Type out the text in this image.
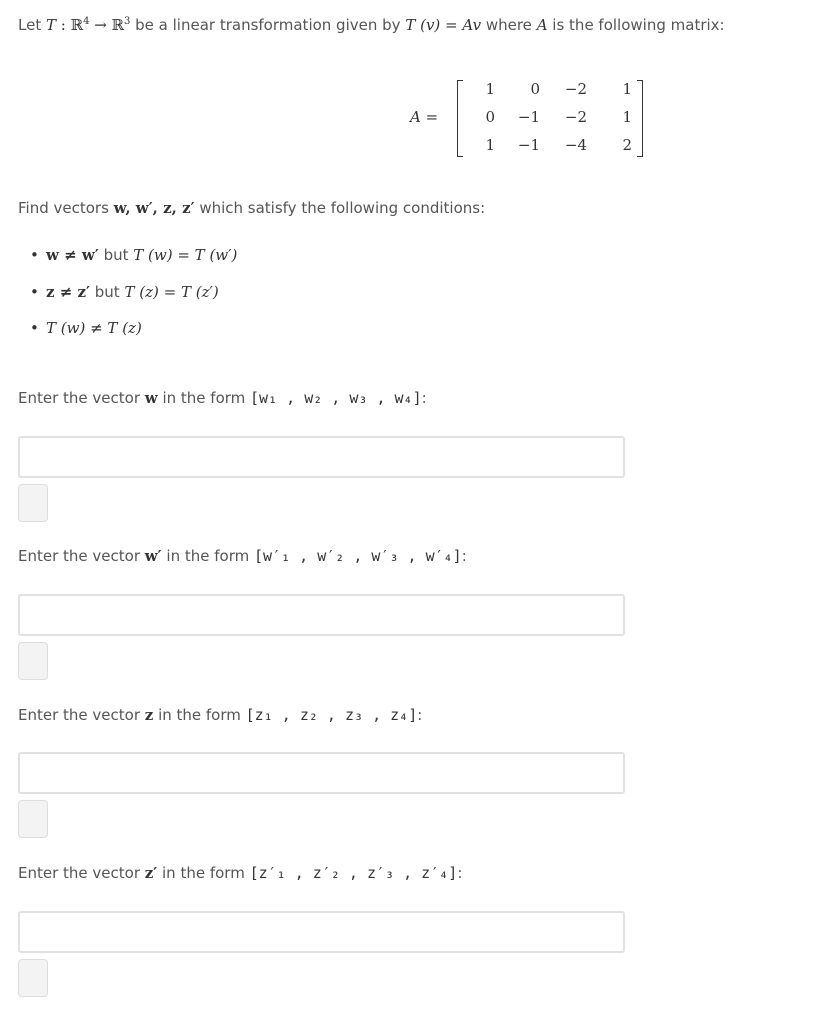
Let T : ℝ$^4$ → ℝ$^3$ be a linear transformation given by T (v) = Av where A is the following matrix:
A =
1	0	−2	1
0	−1	−2	1
1	−1	−4	2
Find vectors w, w′, z, z′ which satisfy the following conditions:
• w ≠ w′ but T (w) = T (w′)
• z ≠ z′ but T (z) = T (z′)
• T (w) ≠ T (z)
Enter the vector w in the form [w₁ , w₂ , w₃ , w₄]:
Enter the vector w′ in the form [w′₁ , w′₂ , w′₃ , w′₄]:
Enter the vector z in the form [z₁ , z₂ , z₃ , z₄]:
Enter the vector z′ in the form [z′₁ , z′₂ , z′₃ , z′₄]:
